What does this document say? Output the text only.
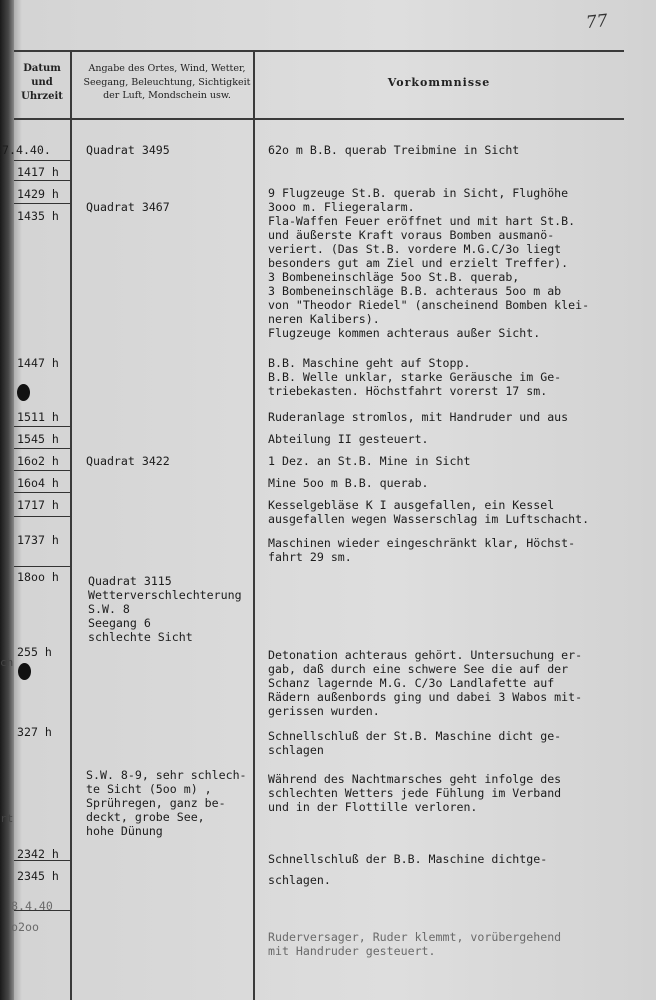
77
Datum
und
Uhrzeit
Angabe des Ortes, Wind, Wetter,
Seegang, Beleuchtung, Sichtigkeit
der Luft, Mondschein usw.
Vorkommnisse
ch
rt
7.4.40.
1417 h
1429 h
1435 h
1447 h
1511 h
1545 h
16o2 h
16o4 h
1717 h
1737 h
18oo h
255 h
327 h
2342 h
2345 h
8.4.40
o2oo
Quadrat 3495
Quadrat 3467
Quadrat 3422
Quadrat 3115
Wetterverschlechterung
S.W. 8
Seegang 6
schlechte Sicht
S.W. 8-9, sehr schlech-
te Sicht (5oo m) ,
Sprühregen, ganz be-
deckt, grobe See,
hohe Dünung
62o m B.B. querab Treibmine in Sicht
9 Flugzeuge St.B. querab in Sicht, Flughöhe
3ooo m. Fliegeralarm.
Fla-Waffen Feuer eröffnet und mit hart St.B.
und äußerste Kraft voraus Bomben ausmanö-
veriert. (Das St.B. vordere M.G.C/3o liegt
besonders gut am Ziel und erzielt Treffer).
3 Bombeneinschläge 5oo St.B. querab,
3 Bombeneinschläge B.B. achteraus 5oo m ab
von "Theodor Riedel" (anscheinend Bomben klei-
neren Kalibers).
Flugzeuge kommen achteraus außer Sicht.
B.B. Maschine geht auf Stopp.
B.B. Welle unklar, starke Geräusche im Ge-
triebekasten. Höchstfahrt vorerst 17 sm.
Ruderanlage stromlos, mit Handruder und aus
Abteilung II gesteuert.
1 Dez. an St.B. Mine in Sicht
Mine 5oo m B.B. querab.
Kesselgebläse K I ausgefallen, ein Kessel
ausgefallen wegen Wasserschlag im Luftschacht.
Maschinen wieder eingeschränkt klar, Höchst-
fahrt 29 sm.
Detonation achteraus gehört. Untersuchung er-
gab, daß durch eine schwere See die auf der
Schanz lagernde M.G. C/3o Landlafette auf
Rädern außenbords ging und dabei 3 Wabos mit-
gerissen wurden.
Schnellschluß der St.B. Maschine dicht ge-
schlagen
Während des Nachtmarsches geht infolge des
schlechten Wetters jede Fühlung im Verband
und in der Flottille verloren.
Schnellschluß der B.B. Maschine dichtge-
schlagen.
Ruderversager, Ruder klemmt, vorübergehend
mit Handruder gesteuert.
